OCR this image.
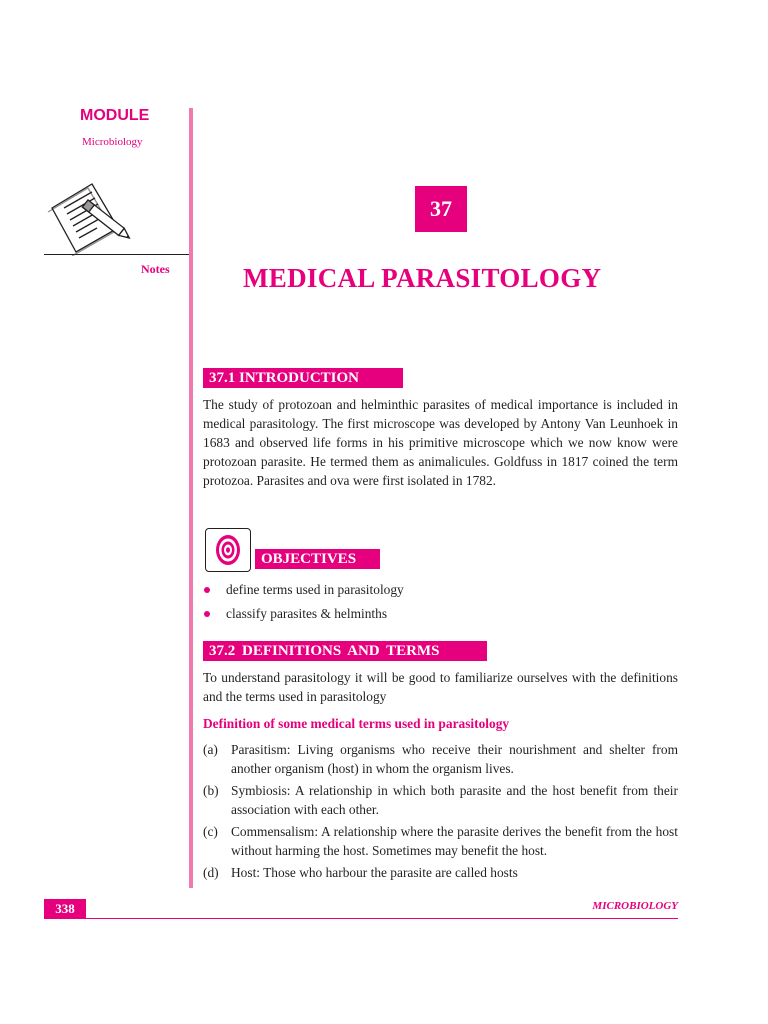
MODULE
Microbiology
Notes
37
MEDICAL PARASITOLOGY
37.1 INTRODUCTION
The study of protozoan and helminthic parasites of medical importance is included in medical parasitology. The first microscope was developed by Antony Van Leunhoek in 1683 and observed life forms in his primitive microscope which we now know were protozoan parasite. He termed them as animalicules. Goldfuss in 1817 coined the term protozoa. Parasites and ova were first isolated in 1782.
OBJECTIVES
define terms used in parasitology
classify parasites & helminths
37.2 DEFINITIONS AND TERMS
To understand parasitology it will be good to familiarize ourselves with the definitions and the terms used in parasitology
Definition of some medical terms used in parasitology
(a) Parasitism: Living organisms who receive their nourishment and shelter from another organism (host) in whom the organism lives.
(b) Symbiosis: A relationship in which both parasite and the host benefit from their association with each other.
(c) Commensalism: A relationship where the parasite derives the benefit from the host without harming the host. Sometimes may benefit the host.
(d) Host: Those who harbour the parasite are called hosts
338	MICROBIOLOGY
